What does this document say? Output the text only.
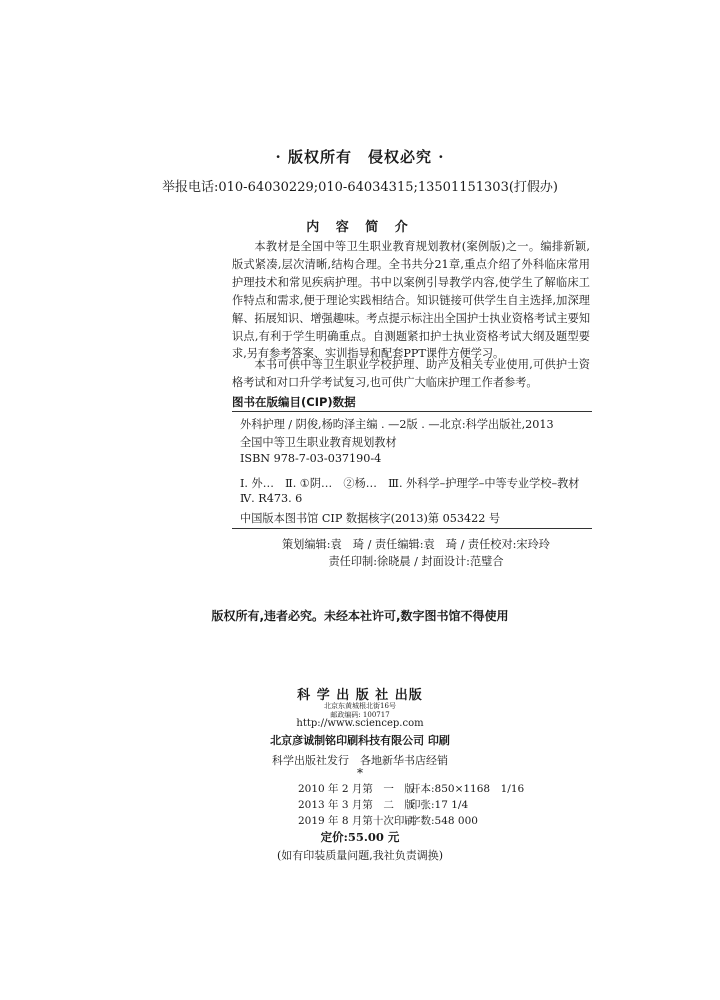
· 版权所有　侵权必究 ·
举报电话:010-64030229;010-64034315;13501151303(打假办)
内 容 简 介

本教材是全国中等卫生职业教育规划教材(案例版)之一。编排新颖,版式紧凑,层次清晰,结构合理。全书共分21章,重点介绍了外科临床常用护理技术和常见疾病护理。书中以案例引导教学内容,使学生了解临床工作特点和需求,便于理论实践相结合。知识链接可供学生自主选择,加深理解、拓展知识、增强趣味。考点提示标注出全国护士执业资格考试主要知识点,有利于学生明确重点。自测题紧扣护士执业资格考试大纲及题型要求,另有参考答案、实训指导和配套PPT课件方便学习。

本书可供中等卫生职业学校护理、助产及相关专业使用,可供护士资格考试和对口升学考试复习,也可供广大临床护理工作者参考。

图书在版编目(CIP)数据
外科护理 / 阴俊,杨昀泽主编 . —2版 . —北京:科学出版社,2013
全国中等卫生职业教育规划教材
ISBN 978-7-03-037190-4
Ⅰ. 外…　Ⅱ. ①阴…　②杨…　Ⅲ. 外科学–护理学–中等专业学校–教材
Ⅳ. R473. 6
中国版本图书馆 CIP 数据核字(2013)第 053422 号
策划编辑:袁　琦 / 责任编辑:袁　琦 / 责任校对:宋玲玲
责任印制:徐晓晨 / 封面设计:范璧合
版权所有,违者必究。未经本社许可,数字图书馆不得使用
科 学 出 版 社 出版
北京东黄城根北街16号
邮政编码: 100717
http://www.sciencep.com
北京彦诚制铭印刷科技有限公司 印刷
科学出版社发行　各地新华书店经销
*
2010 年 2 月第　一　版
开本:850×1168　1/16
2013 年 3 月第　二　版
印张:17 1/4
2019 年 8 月第十次印刷
字数:548 000
定价:55.00 元
(如有印装质量问题,我社负责调换)
